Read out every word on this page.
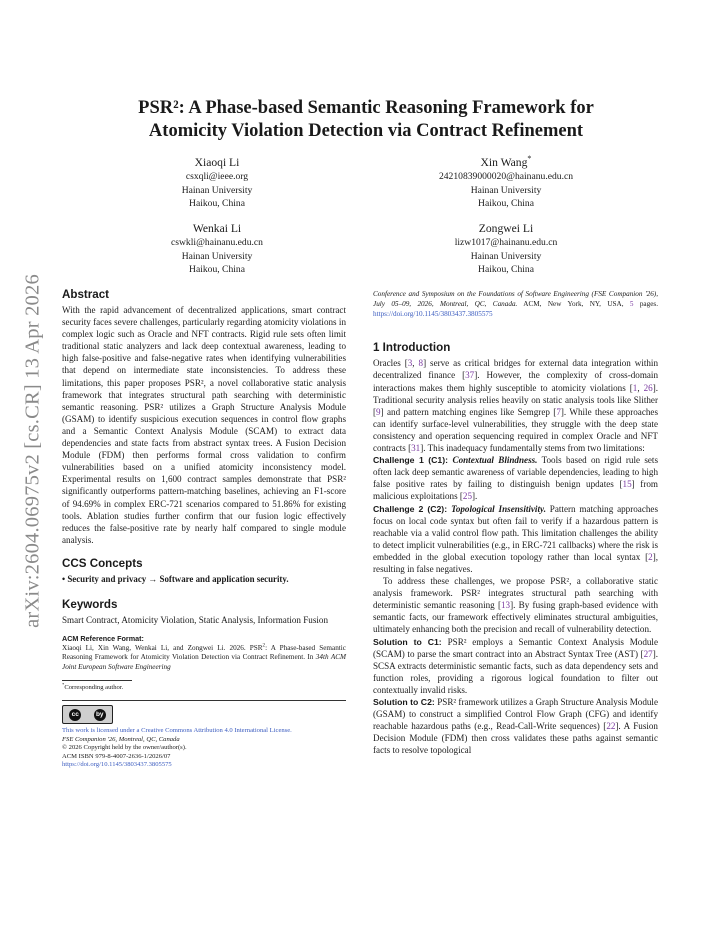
arXiv:2604.06975v2 [cs.CR] 13 Apr 2026
PSR²: A Phase-based Semantic Reasoning Framework for
Atomicity Violation Detection via Contract Refinement
Xiaoqi Li
csxqli@ieee.org
Hainan University
Haikou, China
Xin Wang*
24210839000020@hainanu.edu.cn
Hainan University
Haikou, China
Wenkai Li
cswkli@hainanu.edu.cn
Hainan University
Haikou, China
Zongwei Li
lizw1017@hainanu.edu.cn
Hainan University
Haikou, China
Abstract

With the rapid advancement of decentralized applications, smart contract security faces severe challenges, particularly regarding atomicity violations in complex logic such as Oracle and NFT contracts. Rigid rule sets often limit traditional static analyzers and lack deep contextual awareness, leading to high false-positive and false-negative rates when identifying vulnerabilities that depend on intermediate state inconsistencies. To address these limitations, this paper proposes PSR², a novel collaborative static analysis framework that integrates structural path searching with deterministic semantic reasoning. PSR² utilizes a Graph Structure Analysis Module (GSAM) to identify suspicious execution sequences in control flow graphs and a Semantic Context Analysis Module (SCAM) to extract data dependencies and state facts from abstract syntax trees. A Fusion Decision Module (FDM) then performs formal cross validation to confirm vulnerabilities based on a unified atomicity inconsistency model. Experimental results on 1,600 contract samples demonstrate that PSR² significantly outperforms pattern-matching baselines, achieving an F1-score of 94.69% in complex ERC-721 scenarios compared to 51.86% for existing tools. Ablation studies further confirm that our fusion logic effectively reduces the false-positive rate by nearly half compared to single module analysis.

CCS Concepts

• Security and privacy → Software and application security.

Keywords

Smart Contract, Atomicity Violation, Static Analysis, Information Fusion

ACM Reference Format:

Xiaoqi Li, Xin Wang, Wenkai Li, and Zongwei Li. 2026. PSR$^2$: A Phase-based Semantic Reasoning Framework for Atomicity Violation Detection via Contract Refinement. In 34th ACM Joint European Software Engineering

*Corresponding author.
cc	by
This work is licensed under a Creative Commons Attribution 4.0 International License.
FSE Companion '26, Montreal, QC, Canada
© 2026 Copyright held by the owner/author(s).
ACM ISBN 979-8-4007-2636-1/2026/07
https://doi.org/10.1145/3803437.3805575

Conference and Symposium on the Foundations of Software Engineering (FSE Companion '26), July 05–09, 2026, Montreal, QC, Canada. ACM, New York, NY, USA, 5 pages. https://doi.org/10.1145/3803437.3805575

1 Introduction

Oracles [3, 8] serve as critical bridges for external data integration within decentralized finance [37]. However, the complexity of cross-domain interactions makes them highly susceptible to atomicity violations [1, 26]. Traditional security analysis relies heavily on static analysis tools like Slither [9] and pattern matching engines like Semgrep [7]. While these approaches can identify surface-level vulnerabilities, they struggle with the deep state consistency and operation sequencing required in complex Oracle and NFT contracts [31]. This inadequacy fundamentally stems from two limitations:

Challenge 1 (C1): Contextual Blindness. Tools based on rigid rule sets often lack deep semantic awareness of variable dependencies, leading to high false positive rates by failing to distinguish benign updates [15] from malicious exploitations [25].

Challenge 2 (C2): Topological Insensitivity. Pattern matching approaches focus on local code syntax but often fail to verify if a hazardous pattern is reachable via a valid control flow path. This limitation challenges the ability to detect implicit vulnerabilities (e.g., in ERC-721 callbacks) where the risk is embedded in the global execution topology rather than local syntax [2], resulting in false negatives.

To address these challenges, we propose PSR², a collaborative static analysis framework. PSR² integrates structural path searching with deterministic semantic reasoning [13]. By fusing graph-based evidence with semantic facts, our framework effectively eliminates structural ambiguities, ultimately enhancing both the precision and recall of vulnerability detection.

Solution to C1: PSR² employs a Semantic Context Analysis Module (SCAM) to parse the smart contract into an Abstract Syntax Tree (AST) [27]. SCSA extracts deterministic semantic facts, such as data dependency sets and function roles, providing a rigorous logical foundation to filter out contextually invalid risks.

Solution to C2: PSR² framework utilizes a Graph Structure Analysis Module (GSAM) to construct a simplified Control Flow Graph (CFG) and identify reachable hazardous paths (e.g., Read-Call-Write sequences) [22]. A Fusion Decision Module (FDM) then cross validates these paths against semantic facts to resolve topological
